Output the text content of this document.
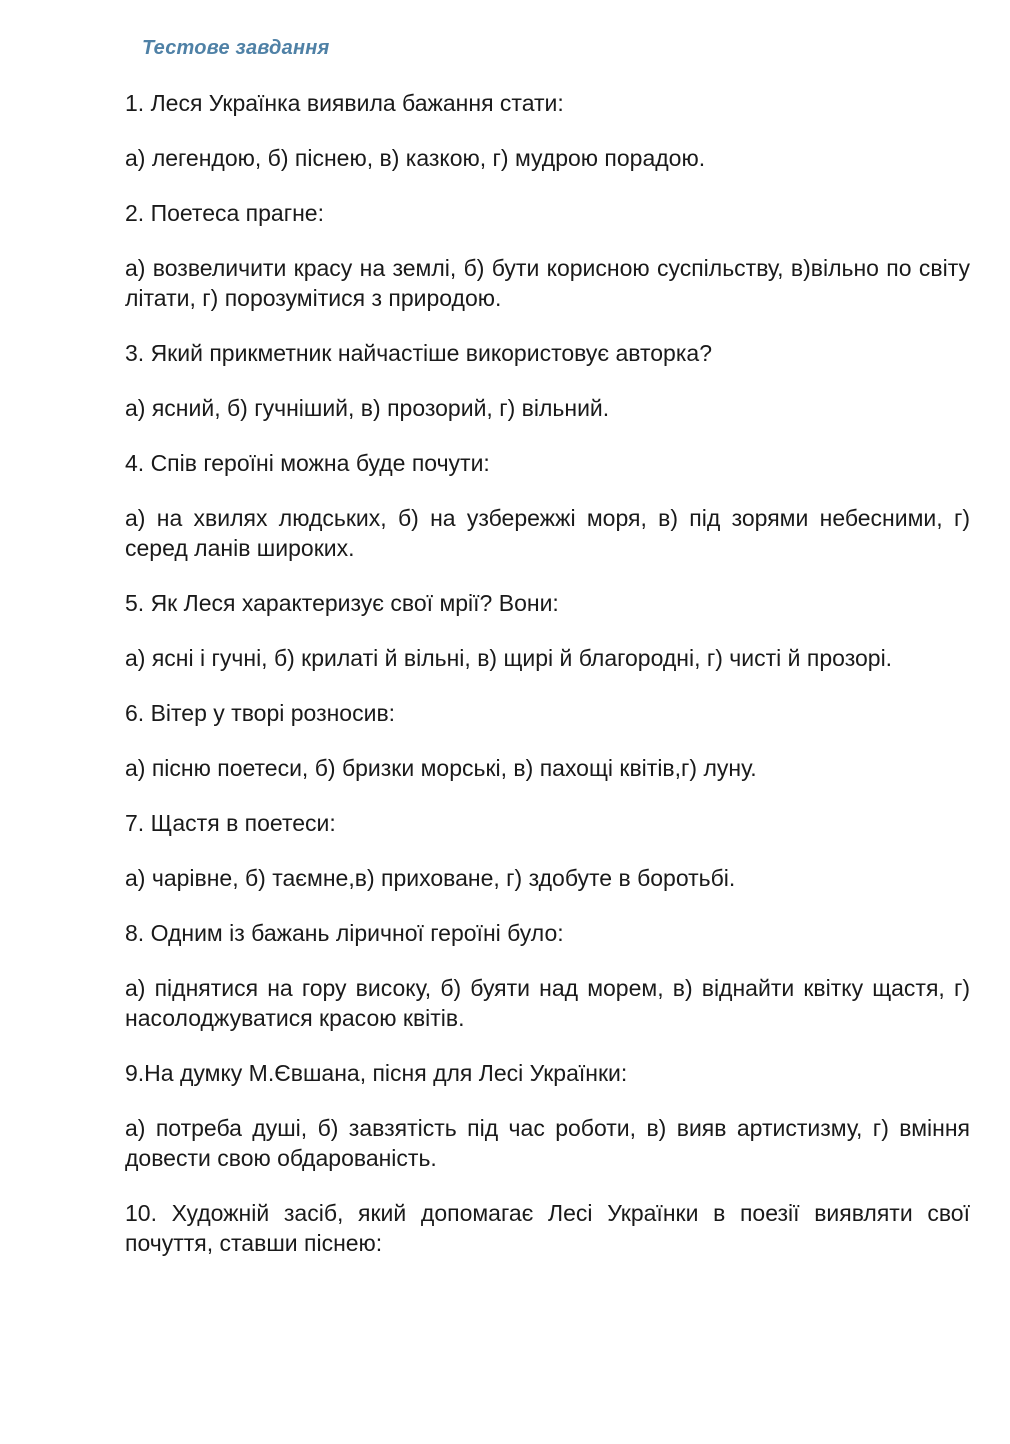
Тестове завдання

1. Леся Українка виявила бажання стати:

а) легендою, б) піснею, в) казкою, г) мудрою порадою.

2. Поетеса прагне:

а) возвеличити красу на землі, б) бути корисною суспільству, в)вільно по світу літати, г) порозумітися з природою.

3. Який прикметник найчастіше використовує авторка?

а) ясний, б) гучніший, в) прозорий, г) вільний.

4. Спів героїні можна буде почути:

а) на хвилях людських, б) на узбережжі моря, в) під зорями небесними, г) серед ланів широких.

5. Як Леся характеризує свої мрії? Вони:

а) ясні і гучні, б) крилаті й вільні, в) щирі й благородні, г) чисті й прозорі.

6. Вітер у творі розносив:

а) пісню поетеси, б) бризки морські, в) пахощі квітів,г) луну.

7. Щастя в поетеси:

а) чарівне, б) таємне,в) приховане, г) здобуте в боротьбі.

8. Одним із бажань ліричної героїні було:

а) піднятися на гору високу, б) буяти над морем, в) віднайти квітку щастя, г) насолоджуватися красою квітів.

9.На думку М.Євшана, пісня для Лесі Українки:

а) потреба душі, б) завзятість під час роботи, в) вияв артистизму, г) вміння довести свою обдарованість.

10. Художній засіб, який допомагає Лесі Українки в поезії виявляти свої почуття, ставши піснею:
